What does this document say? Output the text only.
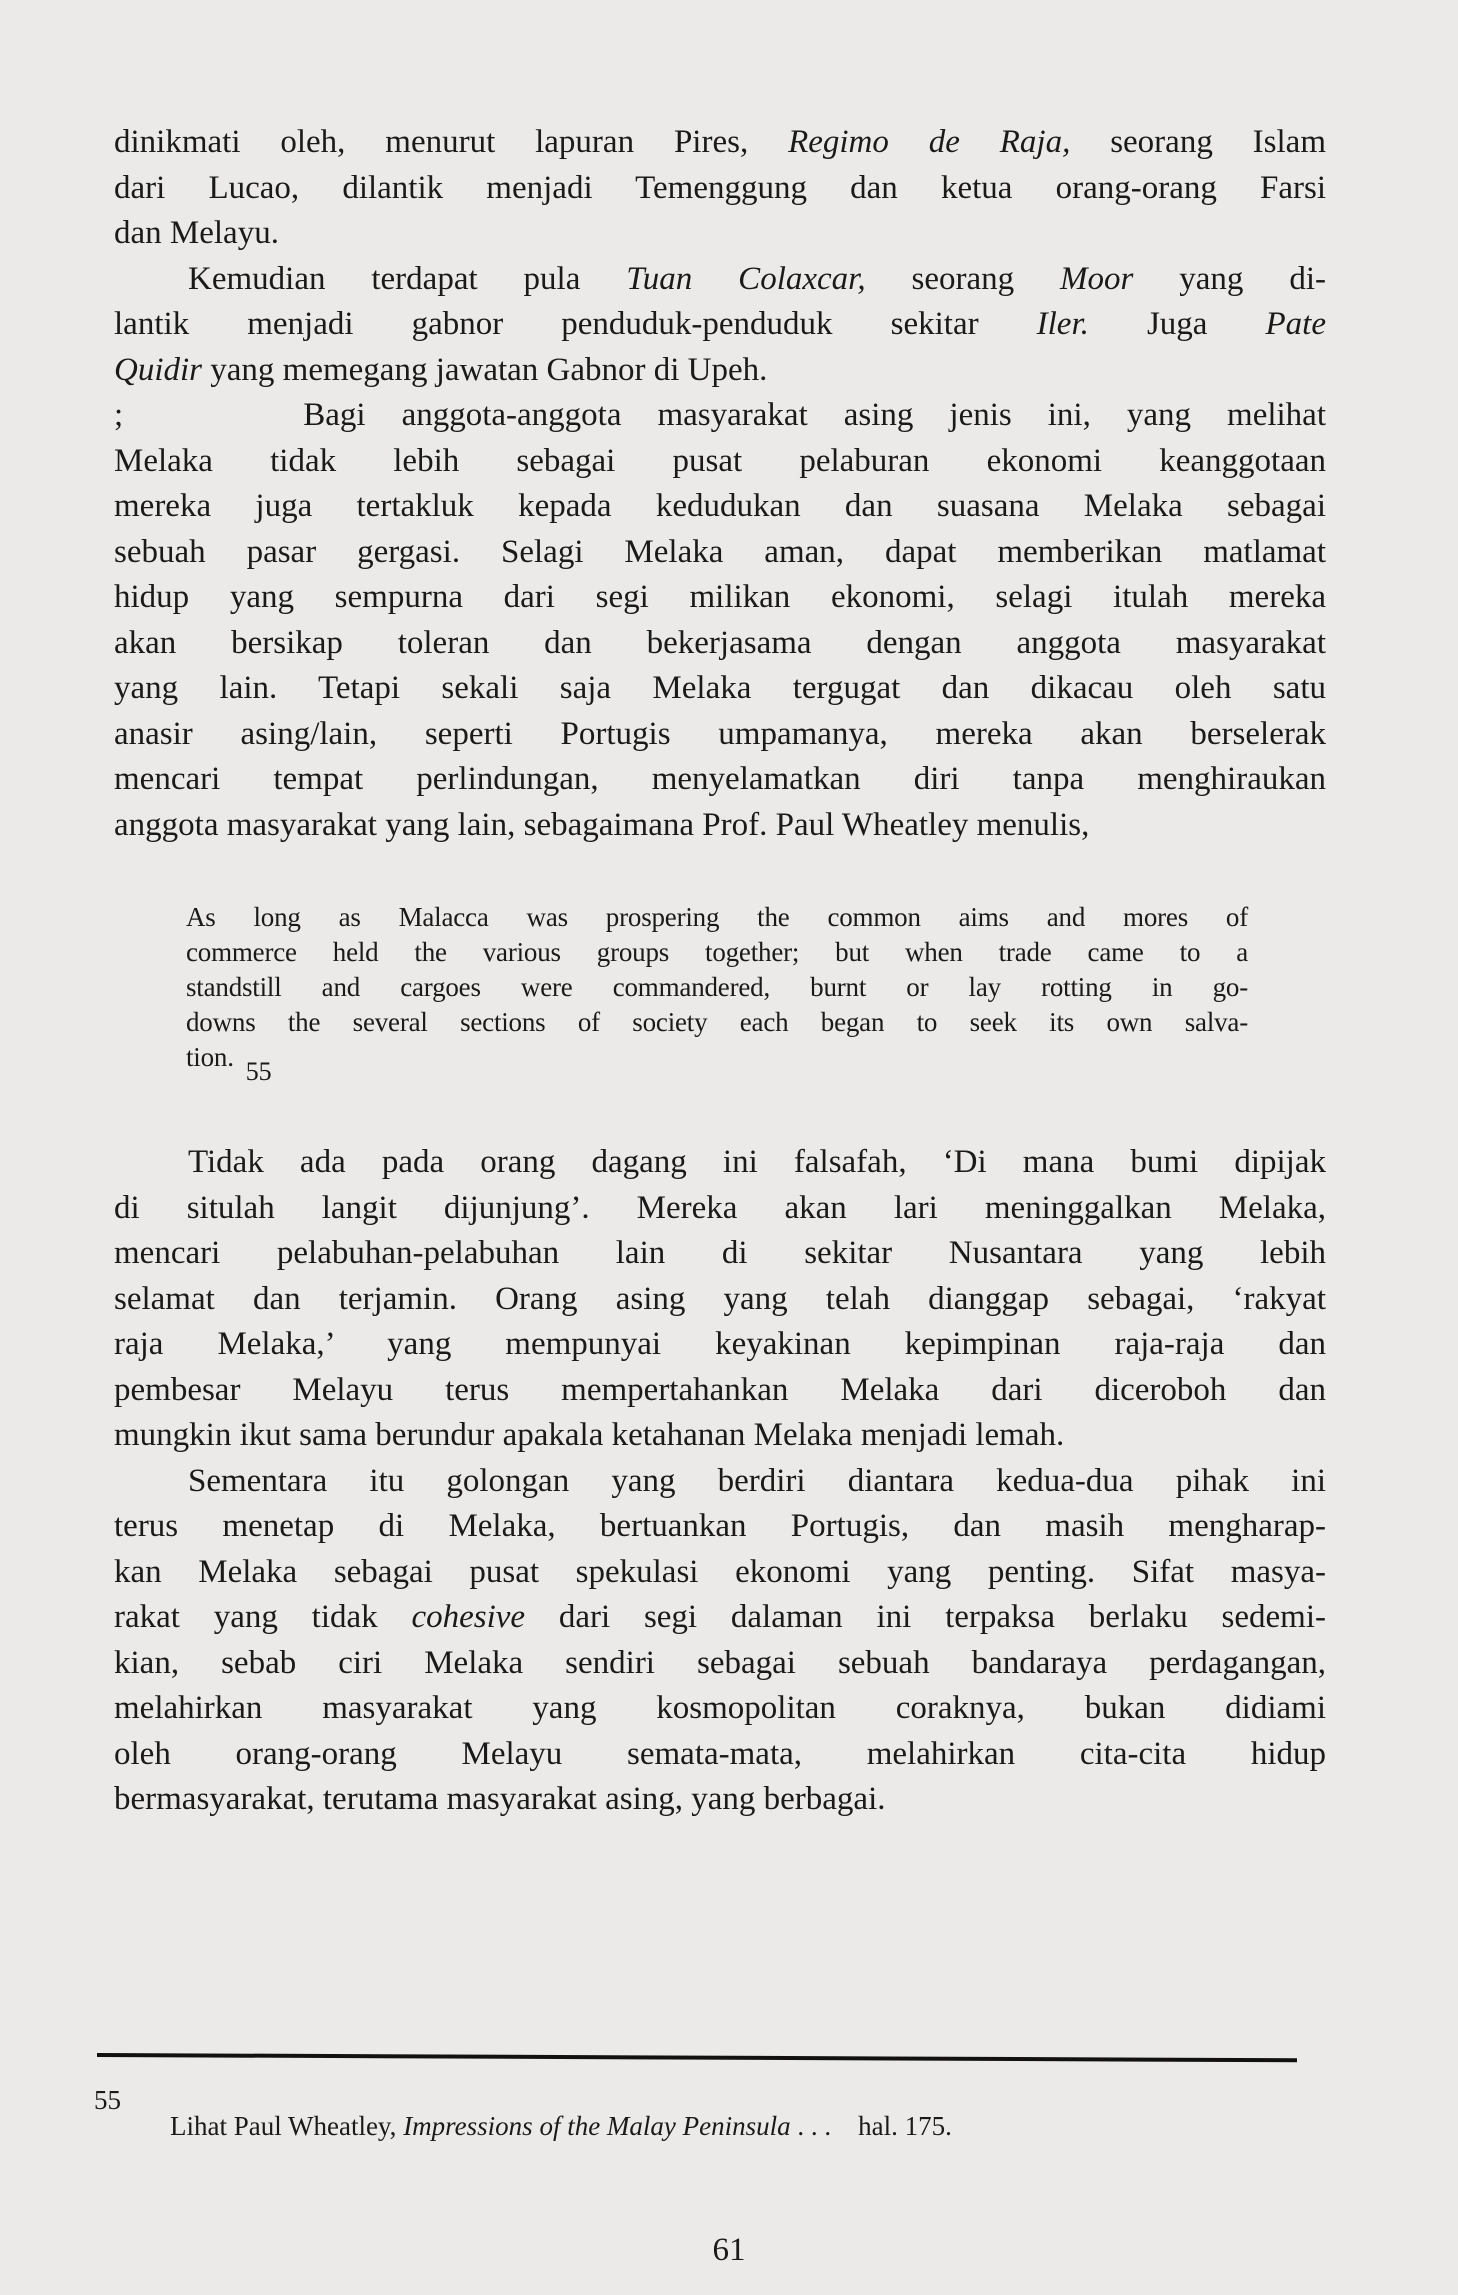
dinikmati oleh, menurut lapuran Pires, Regimo de Raja, seorang Islam
dari Lucao, dilantik menjadi Temenggung dan ketua orang-orang Farsi
dan Melayu.
Kemudian terdapat pula Tuan Colaxcar, seorang Moor yang di-
lantik menjadi gabnor penduduk-penduduk sekitar Iler. Juga Pate
Quidir yang memegang jawatan Gabnor di Upeh.
;     Bagi anggota-anggota masyarakat asing jenis ini, yang melihat
Melaka tidak lebih sebagai pusat pelaburan ekonomi keanggotaan
mereka juga tertakluk kepada kedudukan dan suasana Melaka sebagai
sebuah pasar gergasi. Selagi Melaka aman, dapat memberikan matlamat
hidup yang sempurna dari segi milikan ekonomi, selagi itulah mereka
akan bersikap toleran dan bekerjasama dengan anggota masyarakat
yang lain. Tetapi sekali saja Melaka tergugat dan dikacau oleh satu
anasir asing/lain, seperti Portugis umpamanya, mereka akan berselerak
mencari tempat perlindungan, menyelamatkan diri tanpa menghiraukan
anggota masyarakat yang lain, sebagaimana Prof. Paul Wheatley menulis,
As long as Malacca was prospering the common aims and mores of
commerce held the various groups together; but when trade came to a
standstill and cargoes were commandered, burnt or lay rotting in go-
downs the several sections of society each began to seek its own salva-
tion. 55
Tidak ada pada orang dagang ini falsafah, ‘Di mana bumi dipijak
di situlah langit dijunjung’. Mereka akan lari meninggalkan Melaka,
mencari pelabuhan-pelabuhan lain di sekitar Nusantara yang lebih
selamat dan terjamin. Orang asing yang telah dianggap sebagai, ‘rakyat
raja Melaka,’ yang mempunyai keyakinan kepimpinan raja-raja dan
pembesar Melayu terus mempertahankan Melaka dari diceroboh dan
mungkin ikut sama berundur apakala ketahanan Melaka menjadi lemah.
Sementara itu golongan yang berdiri diantara kedua-dua pihak ini
terus menetap di Melaka, bertuankan Portugis, dan masih mengharap-
kan Melaka sebagai pusat spekulasi ekonomi yang penting. Sifat masya-
rakat yang tidak cohesive dari segi dalaman ini terpaksa berlaku sedemi-
kian, sebab ciri Melaka sendiri sebagai sebuah bandaraya perdagangan,
melahirkan masyarakat yang kosmopolitan coraknya, bukan didiami
oleh orang-orang Melayu semata-mata, melahirkan cita-cita hidup
bermasyarakat, terutama masyarakat asing, yang berbagai.
55
Lihat Paul Wheatley, Impressions of the Malay Peninsula . . .    hal. 175.
61
